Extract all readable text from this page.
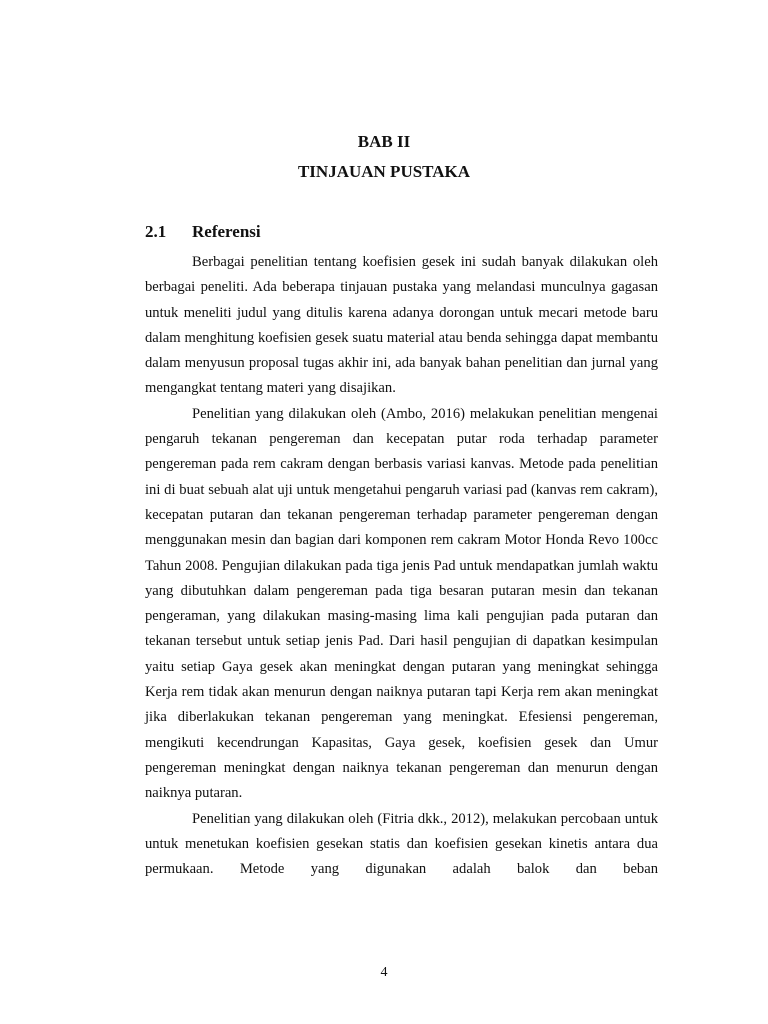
BAB II
TINJAUAN PUSTAKA
2.1 Referensi

Berbagai penelitian tentang koefisien gesek ini sudah banyak dilakukan oleh berbagai peneliti. Ada beberapa tinjauan pustaka yang melandasi munculnya gagasan untuk meneliti judul yang ditulis karena adanya dorongan untuk mecari metode baru dalam menghitung koefisien gesek suatu material atau benda sehingga dapat membantu dalam menyusun proposal tugas akhir ini, ada banyak bahan penelitian dan jurnal yang mengangkat tentang materi yang disajikan.

Penelitian yang dilakukan oleh (Ambo, 2016) melakukan penelitian mengenai pengaruh tekanan pengereman dan kecepatan putar roda terhadap parameter pengereman pada rem cakram dengan berbasis variasi kanvas. Metode pada penelitian ini di buat sebuah alat uji untuk mengetahui pengaruh variasi pad (kanvas rem cakram), kecepatan putaran dan tekanan pengereman terhadap parameter pengereman dengan menggunakan mesin dan bagian dari komponen rem cakram Motor Honda Revo 100cc Tahun 2008. Pengujian dilakukan pada tiga jenis Pad untuk mendapatkan jumlah waktu yang dibutuhkan dalam pengereman pada tiga besaran putaran mesin dan tekanan pengeraman, yang dilakukan masing-masing lima kali pengujian pada putaran dan tekanan tersebut untuk setiap jenis Pad. Dari hasil pengujian di dapatkan kesimpulan yaitu setiap Gaya gesek akan meningkat dengan putaran yang meningkat sehingga Kerja rem tidak akan menurun dengan naiknya putaran tapi Kerja rem akan meningkat jika diberlakukan tekanan pengereman yang meningkat. Efesiensi pengereman, mengikuti kecendrungan Kapasitas, Gaya gesek, koefisien gesek dan Umur pengereman meningkat dengan naiknya tekanan pengereman dan menurun dengan naiknya putaran.

Penelitian yang dilakukan oleh (Fitria dkk., 2012), melakukan percobaan untuk untuk menetukan koefisien gesekan statis dan koefisien gesekan kinetis antara dua permukaan. Metode yang digunakan adalah balok dan beban

4
